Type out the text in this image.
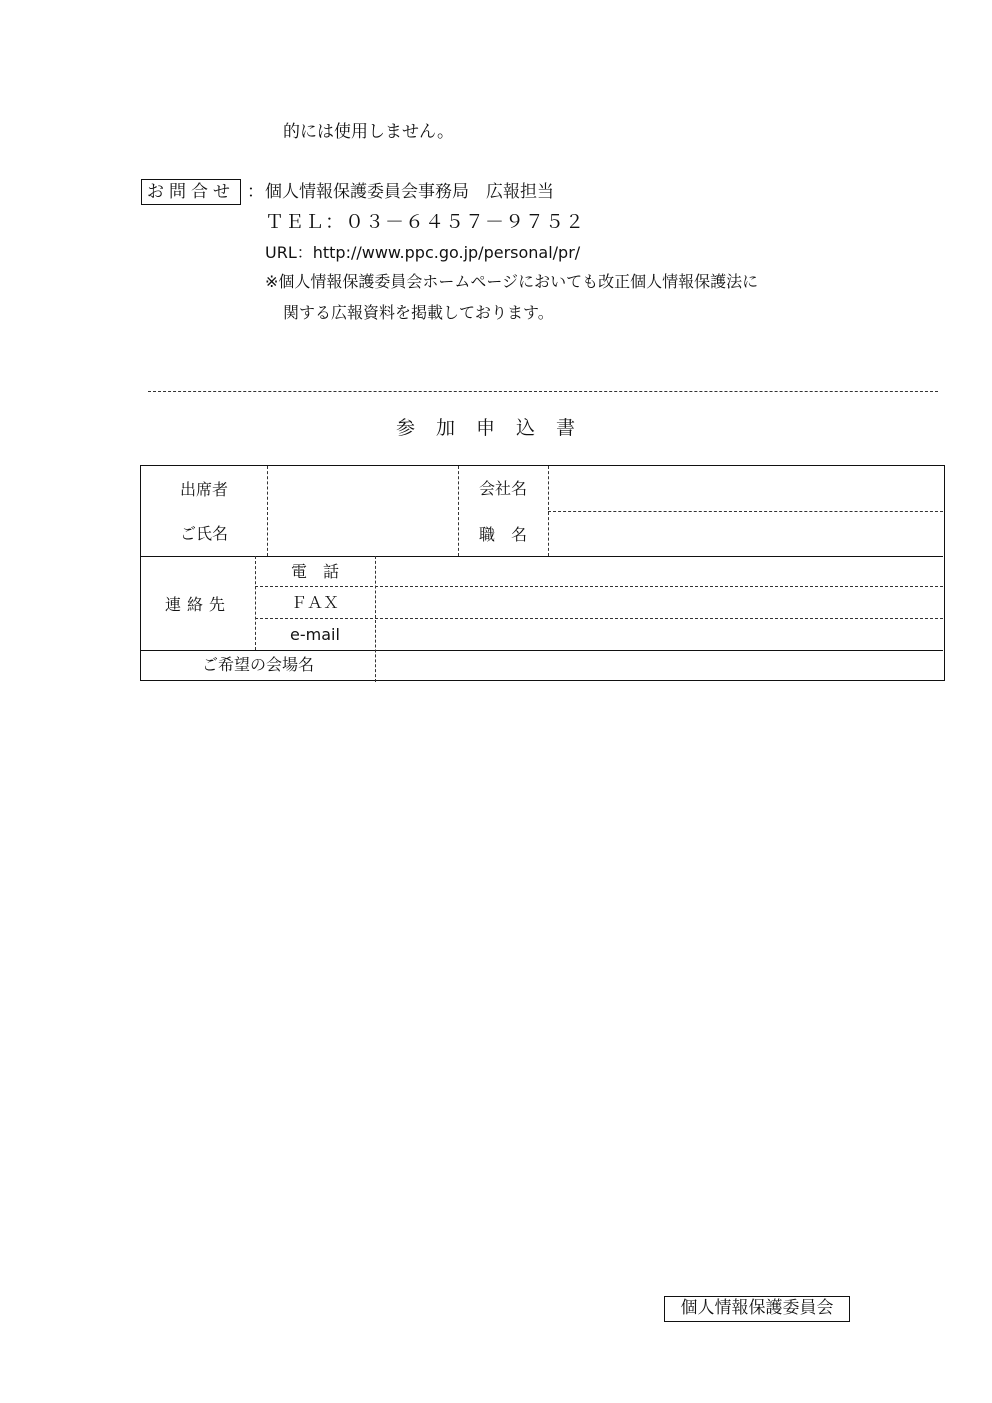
的には使用しません。
お問合せ ： 個人情報保護委員会事務局　広報担当
ＴＥＬ：０３－６４５７－９７５２
URL：http://www.ppc.go.jp/personal/pr/
※個人情報保護委員会ホームページにおいても改正個人情報保護法に
関する広報資料を掲載しております。
参加申込書
出席者
ご氏名
会社名
職　名
連絡先
電　話
ＦＡＸ
e-mail
ご希望の会場名
個人情報保護委員会
